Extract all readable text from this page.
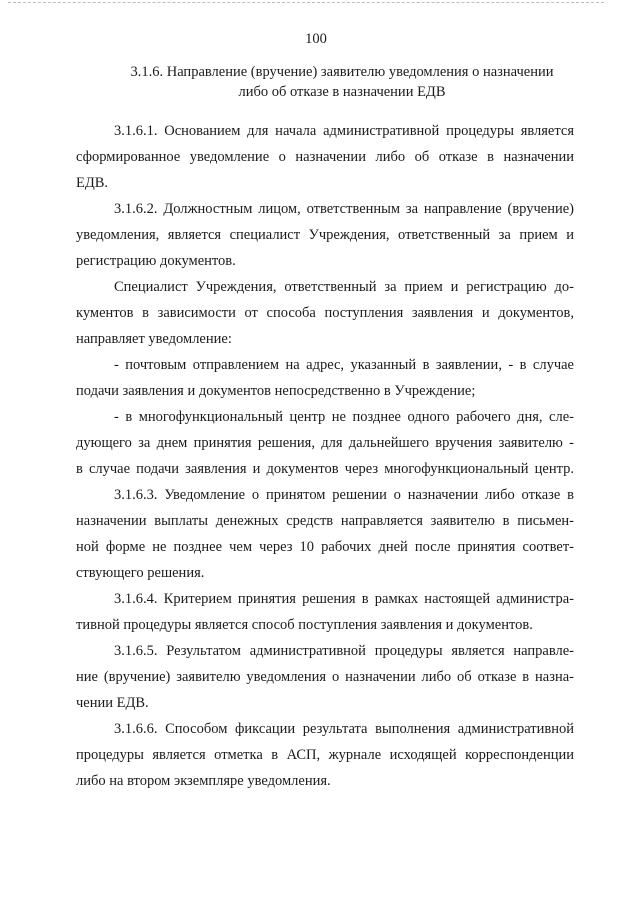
100
3.1.6. Направление (вручение) заявителю уведомления о назначении
либо об отказе в назначении ЕДВ
3.1.6.1. Основанием для начала административной процедуры является
сформированное уведомление о назначении либо об отказе в назначении
ЕДВ.
3.1.6.2. Должностным лицом, ответственным за направление (вручение)
уведомления, является специалист Учреждения, ответственный за прием и
регистрацию документов.
Специалист Учреждения, ответственный за прием и регистрацию до-
кументов в зависимости от способа поступления заявления и документов,
направляет уведомление:
- почтовым отправлением на адрес, указанный в заявлении, - в случае
подачи заявления и документов непосредственно в Учреждение;
- в многофункциональный центр не позднее одного рабочего дня, сле-
дующего за днем принятия решения, для дальнейшего вручения заявителю -
в случае подачи заявления и документов через многофункциональный центр.
3.1.6.3. Уведомление о принятом решении о назначении либо отказе в
назначении выплаты денежных средств направляется заявителю в письмен-
ной форме не позднее чем через 10 рабочих дней после принятия соответ-
ствующего решения.
3.1.6.4. Критерием принятия решения в рамках настоящей администра-
тивной процедуры является способ поступления заявления и документов.
3.1.6.5. Результатом административной процедуры является направле-
ние (вручение) заявителю уведомления о назначении либо об отказе в назна-
чении ЕДВ.
3.1.6.6. Способом фиксации результата выполнения административной
процедуры является отметка в АСП, журнале исходящей корреспонденции
либо на втором экземпляре уведомления.
